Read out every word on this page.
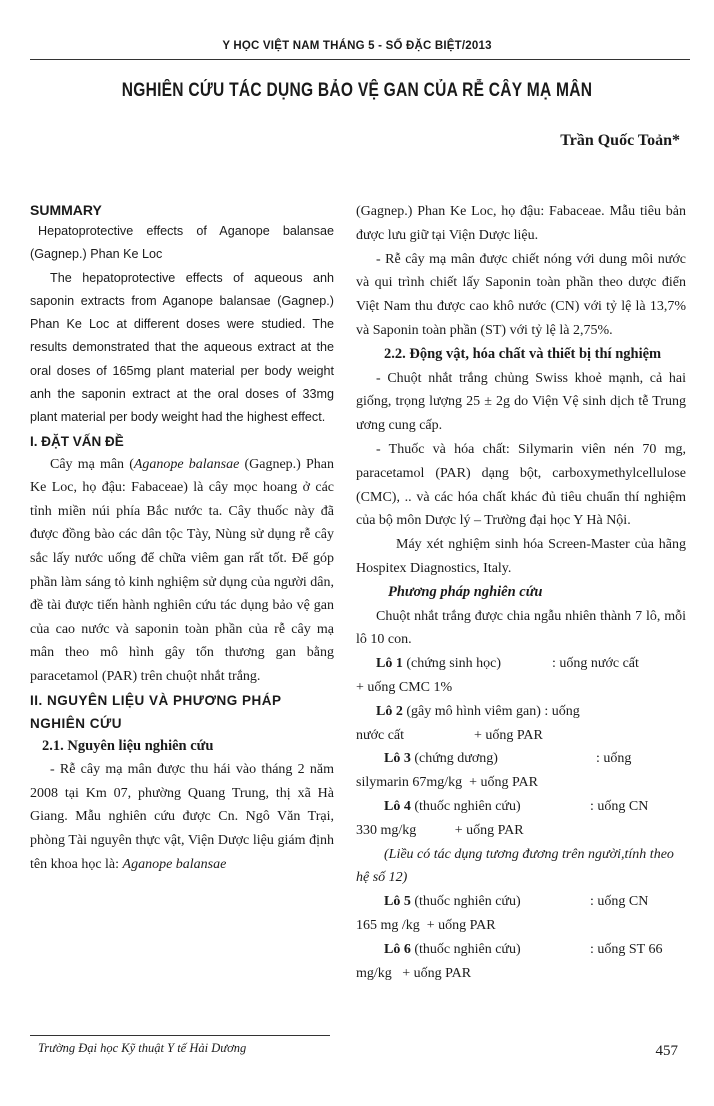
Y HỌC VIỆT NAM THÁNG 5 - SỐ ĐẶC BIỆT/2013
NGHIÊN CỨU TÁC DỤNG BẢO VỆ GAN CỦA RỄ CÂY MẠ MÂN
Trần Quốc Toản*

SUMMARY

Hepatoprotective effects of Aganope balansae (Gagnep.) Phan Ke Loc

The hepatoprotective effects of aqueous anh saponin extracts from Aganope balansae (Gagnep.) Phan Ke Loc at different doses were studied. The results demonstrated that the aqueous extract at the oral doses of 165mg plant material per body weight anh the saponin extract at the oral doses of 33mg plant material per body weight had the highest effect.

I. ĐẶT VẤN ĐỀ

Cây mạ mân (Aganope balansae (Gagnep.) Phan Ke Loc, họ đậu: Fabaceae) là cây mọc hoang ở các tỉnh miền núi phía Bắc nước ta. Cây thuốc này đã được đồng bào các dân tộc Tày, Nùng sử dụng rễ cây sắc lấy nước uống để chữa viêm gan rất tốt. Để góp phần làm sáng tỏ kinh nghiệm sử dụng của người dân, đề tài được tiến hành nghiên cứu tác dụng bảo vệ gan của cao nước và saponin toàn phần của rễ cây mạ mân theo mô hình gây tổn thương gan bằng paracetamol (PAR) trên chuột nhắt trắng.

II. NGUYÊN LIỆU VÀ PHƯƠNG PHÁP NGHIÊN CỨU

2.1. Nguyên liệu nghiên cứu

- Rễ cây mạ mân được thu hái vào tháng 2 năm 2008 tại Km 07, phường Quang Trung, thị xã Hà Giang. Mẫu nghiên cứu được Cn. Ngô Văn Trại, phòng Tài nguyên thực vật, Viện Dược liệu giám định tên khoa học là: Aganope balansae

(Gagnep.) Phan Ke Loc, họ đậu: Fabaceae. Mẫu tiêu bản được lưu giữ tại Viện Dược liệu.

- Rễ cây mạ mân được chiết nóng với dung môi nước và qui trình chiết lấy Saponin toàn phần theo dược điển Việt Nam thu được cao khô nước (CN) với tỷ lệ là 13,7% và Saponin toàn phần (ST) với tỷ lệ là 2,75%.

2.2. Động vật, hóa chất và thiết bị thí nghiệm

- Chuột nhắt trắng chủng Swiss khoẻ mạnh, cả hai giống, trọng lượng 25 ± 2g do Viện Vệ sinh dịch tễ Trung ương cung cấp.

- Thuốc và hóa chất: Silymarin viên nén 70 mg, paracetamol (PAR) dạng bột, carboxymethylcellulose (CMC), .. và các hóa chất khác đủ tiêu chuẩn thí nghiệm của bộ môn Dược lý – Trường đại học Y Hà Nội.

Máy xét nghiệm sinh hóa Screen-Master của hãng Hospitex Diagnostics, Italy.

Phương pháp nghiên cứu

Chuột nhắt trắng được chia ngẫu nhiên thành 7 lô, mỗi lô 10 con.

Lô 1 (chứng sinh học)	: uống nước cất
+ uống CMC 1%
Lô 2 (gây mô hình viêm gan) : uống
nước cất                    + uống PAR
Lô 3 (chứng dương)	: uống
silymarin 67mg/kg  + uống PAR
Lô 4 (thuốc nghiên cứu)	: uống CN
330 mg/kg           + uống PAR

(Liều có tác dụng tương đương trên người,tính theo hệ số 12)

Lô 5 (thuốc nghiên cứu)	: uống CN
165 mg /kg  + uống PAR
Lô 6 (thuốc nghiên cứu)	: uống ST 66
mg/kg   + uống PAR
Trường Đại học Kỹ thuật Y tế Hải Dương	457
